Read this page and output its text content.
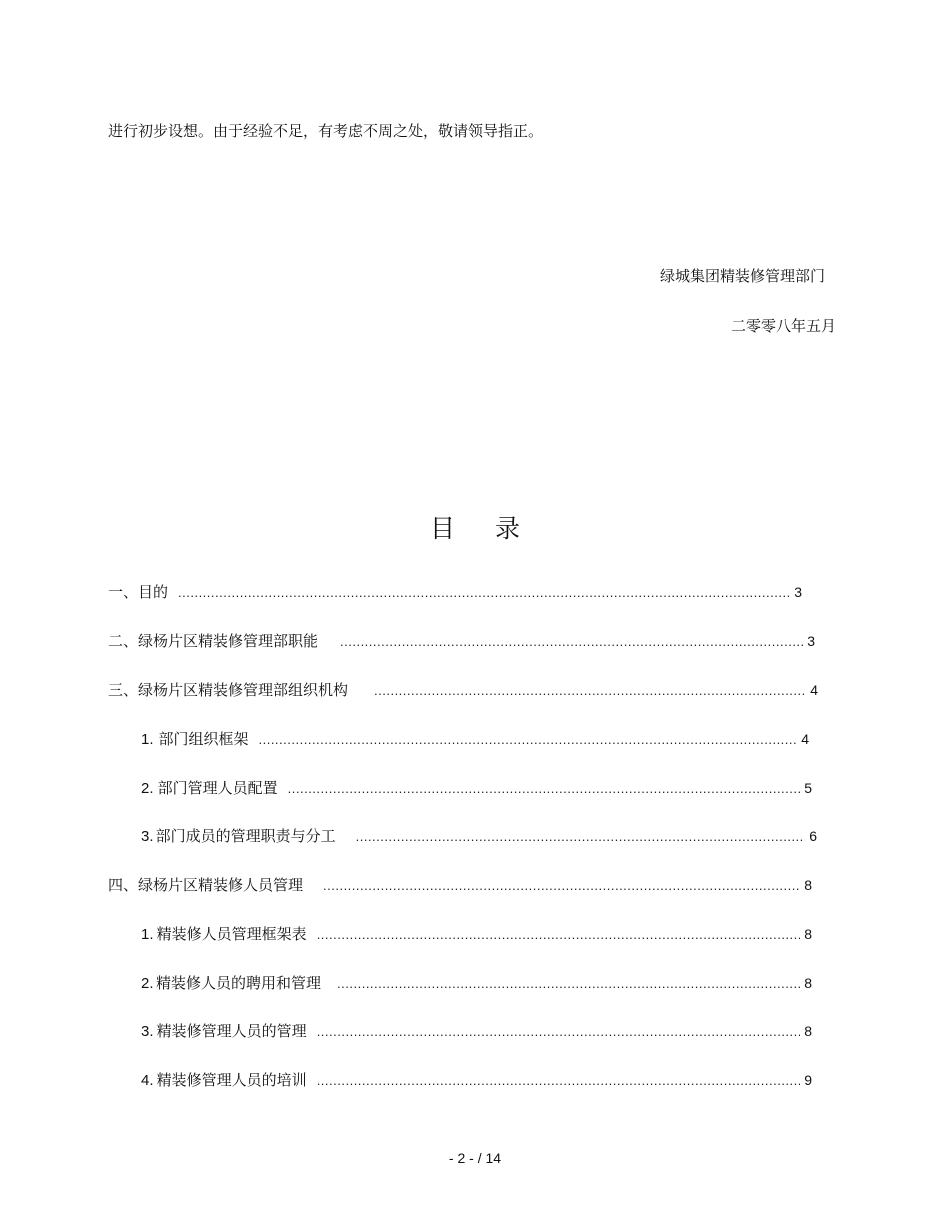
进行初步设想。由于经验不足，有考虑不周之处，敬请领导指正。
绿城集团精装修管理部门
二零零八年五月
目录
一、目的 .....	3
二、绿杨片区精装修管理部职能 .....	3
三、绿杨片区精装修管理部组织机构 .....	4
1. 部门组织框架 .....	4
2. 部门管理人员配置 .....	5
3. 部门成员的管理职责与分工 .....	6
四、绿杨片区精装修人员管理 .....	8
1. 精装修人员管理框架表 .....	8
2. 精装修人员的聘用和管理 .....	8
3. 精装修管理人员的管理 .....	8
4. 精装修管理人员的培训 .....	9
- 2 - / 14
